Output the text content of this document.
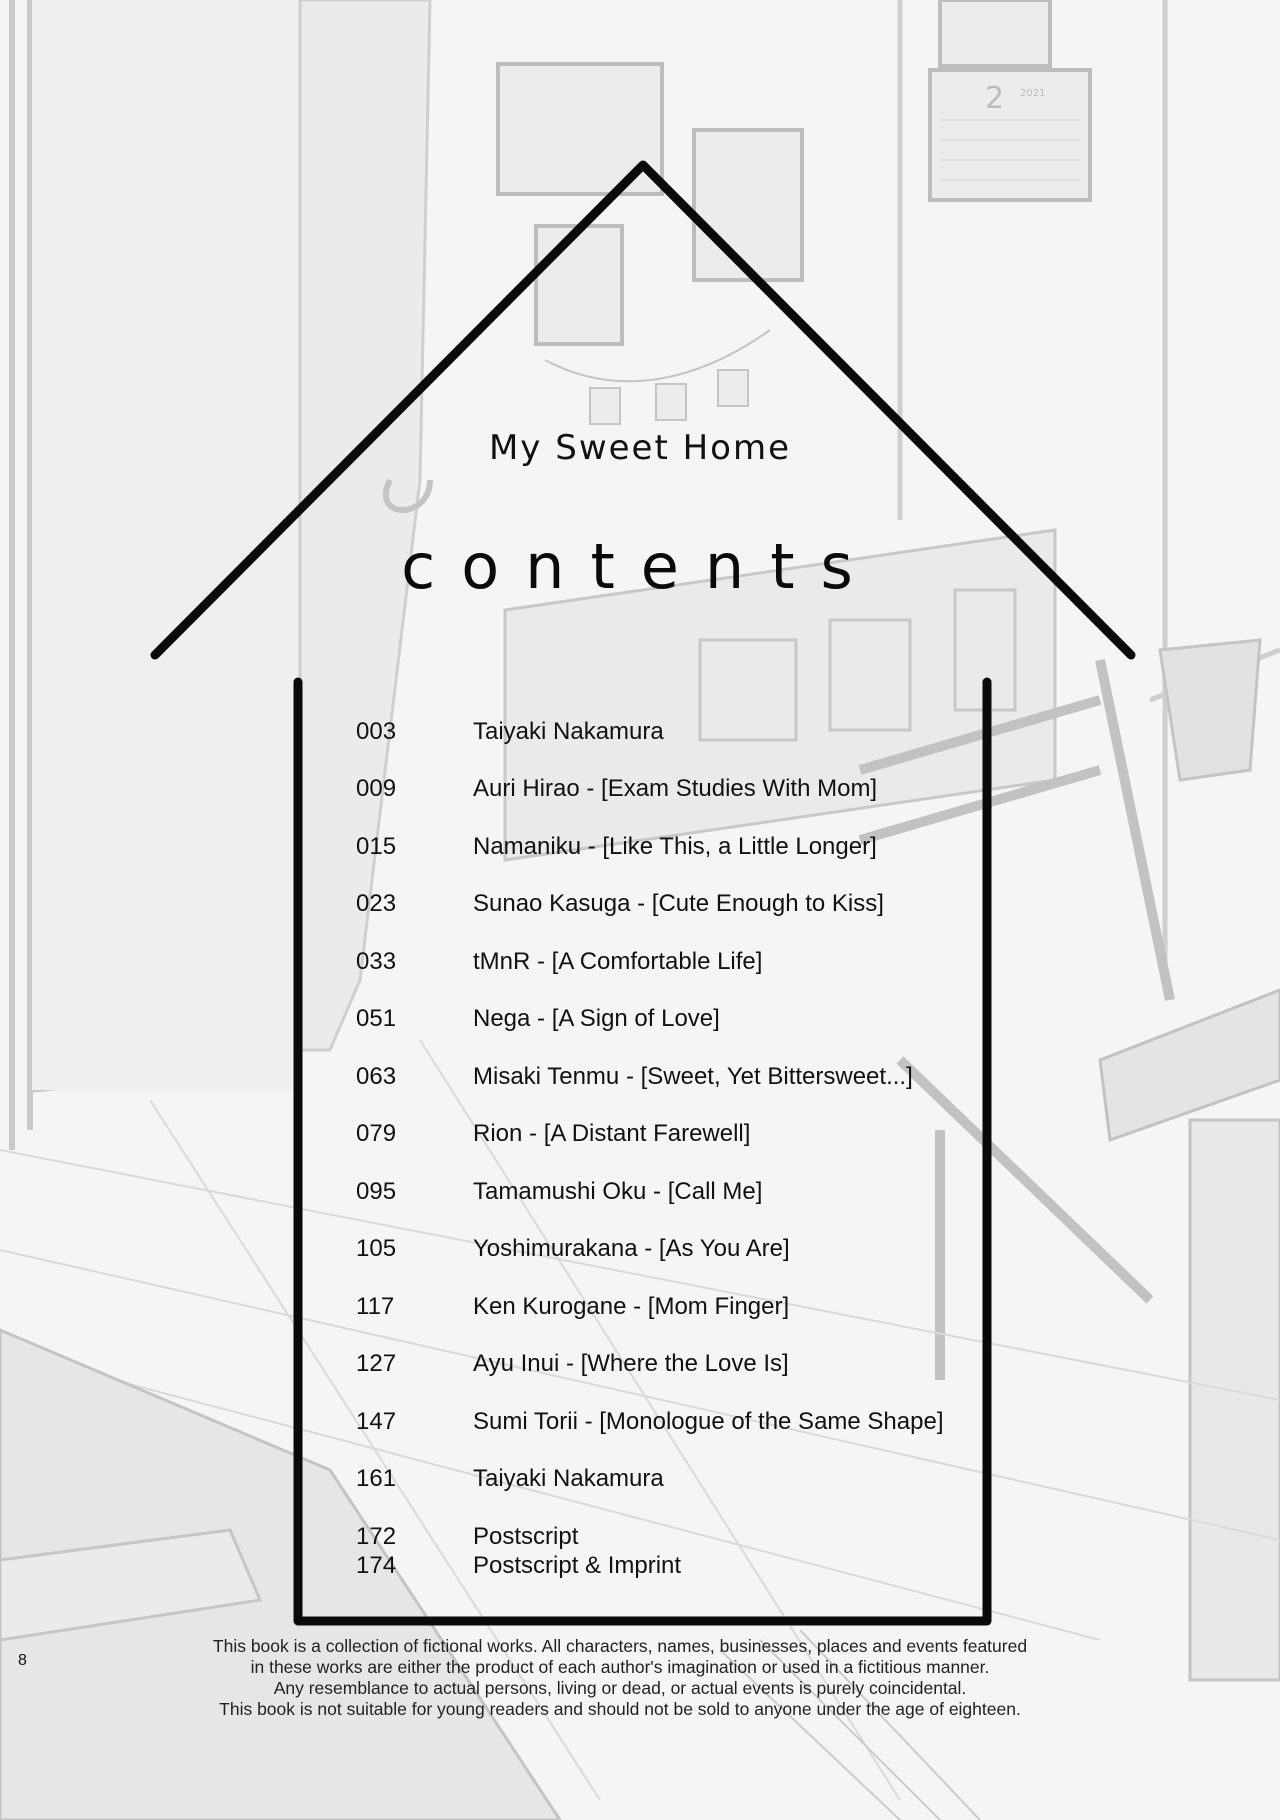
2 2021
My Sweet Home
contents
003	Taiyaki Nakamura
009	Auri Hirao - [Exam Studies With Mom]
015	Namaniku - [Like This, a Little Longer]
023	Sunao Kasuga - [Cute Enough to Kiss]
033	tMnR - [A Comfortable Life]
051	Nega - [A Sign of Love]
063	Misaki Tenmu - [Sweet, Yet Bittersweet...]
079	Rion - [A Distant Farewell]
095	Tamamushi Oku - [Call Me]
105	Yoshimurakana - [As You Are]
117	Ken Kurogane - [Mom Finger]
127	Ayu Inui - [Where the Love Is]
147	Sumi Torii - [Monologue of the Same Shape]
161	Taiyaki Nakamura
172	Postscript
174	Postscript & Imprint
8
This book is a collection of fictional works. All characters, names, businesses, places and events featured
in these works are either the product of each author's imagination or used in a fictitious manner.
Any resemblance to actual persons, living or dead, or actual events is purely coincidental.
This book is not suitable for young readers and should not be sold to anyone under the age of eighteen.
